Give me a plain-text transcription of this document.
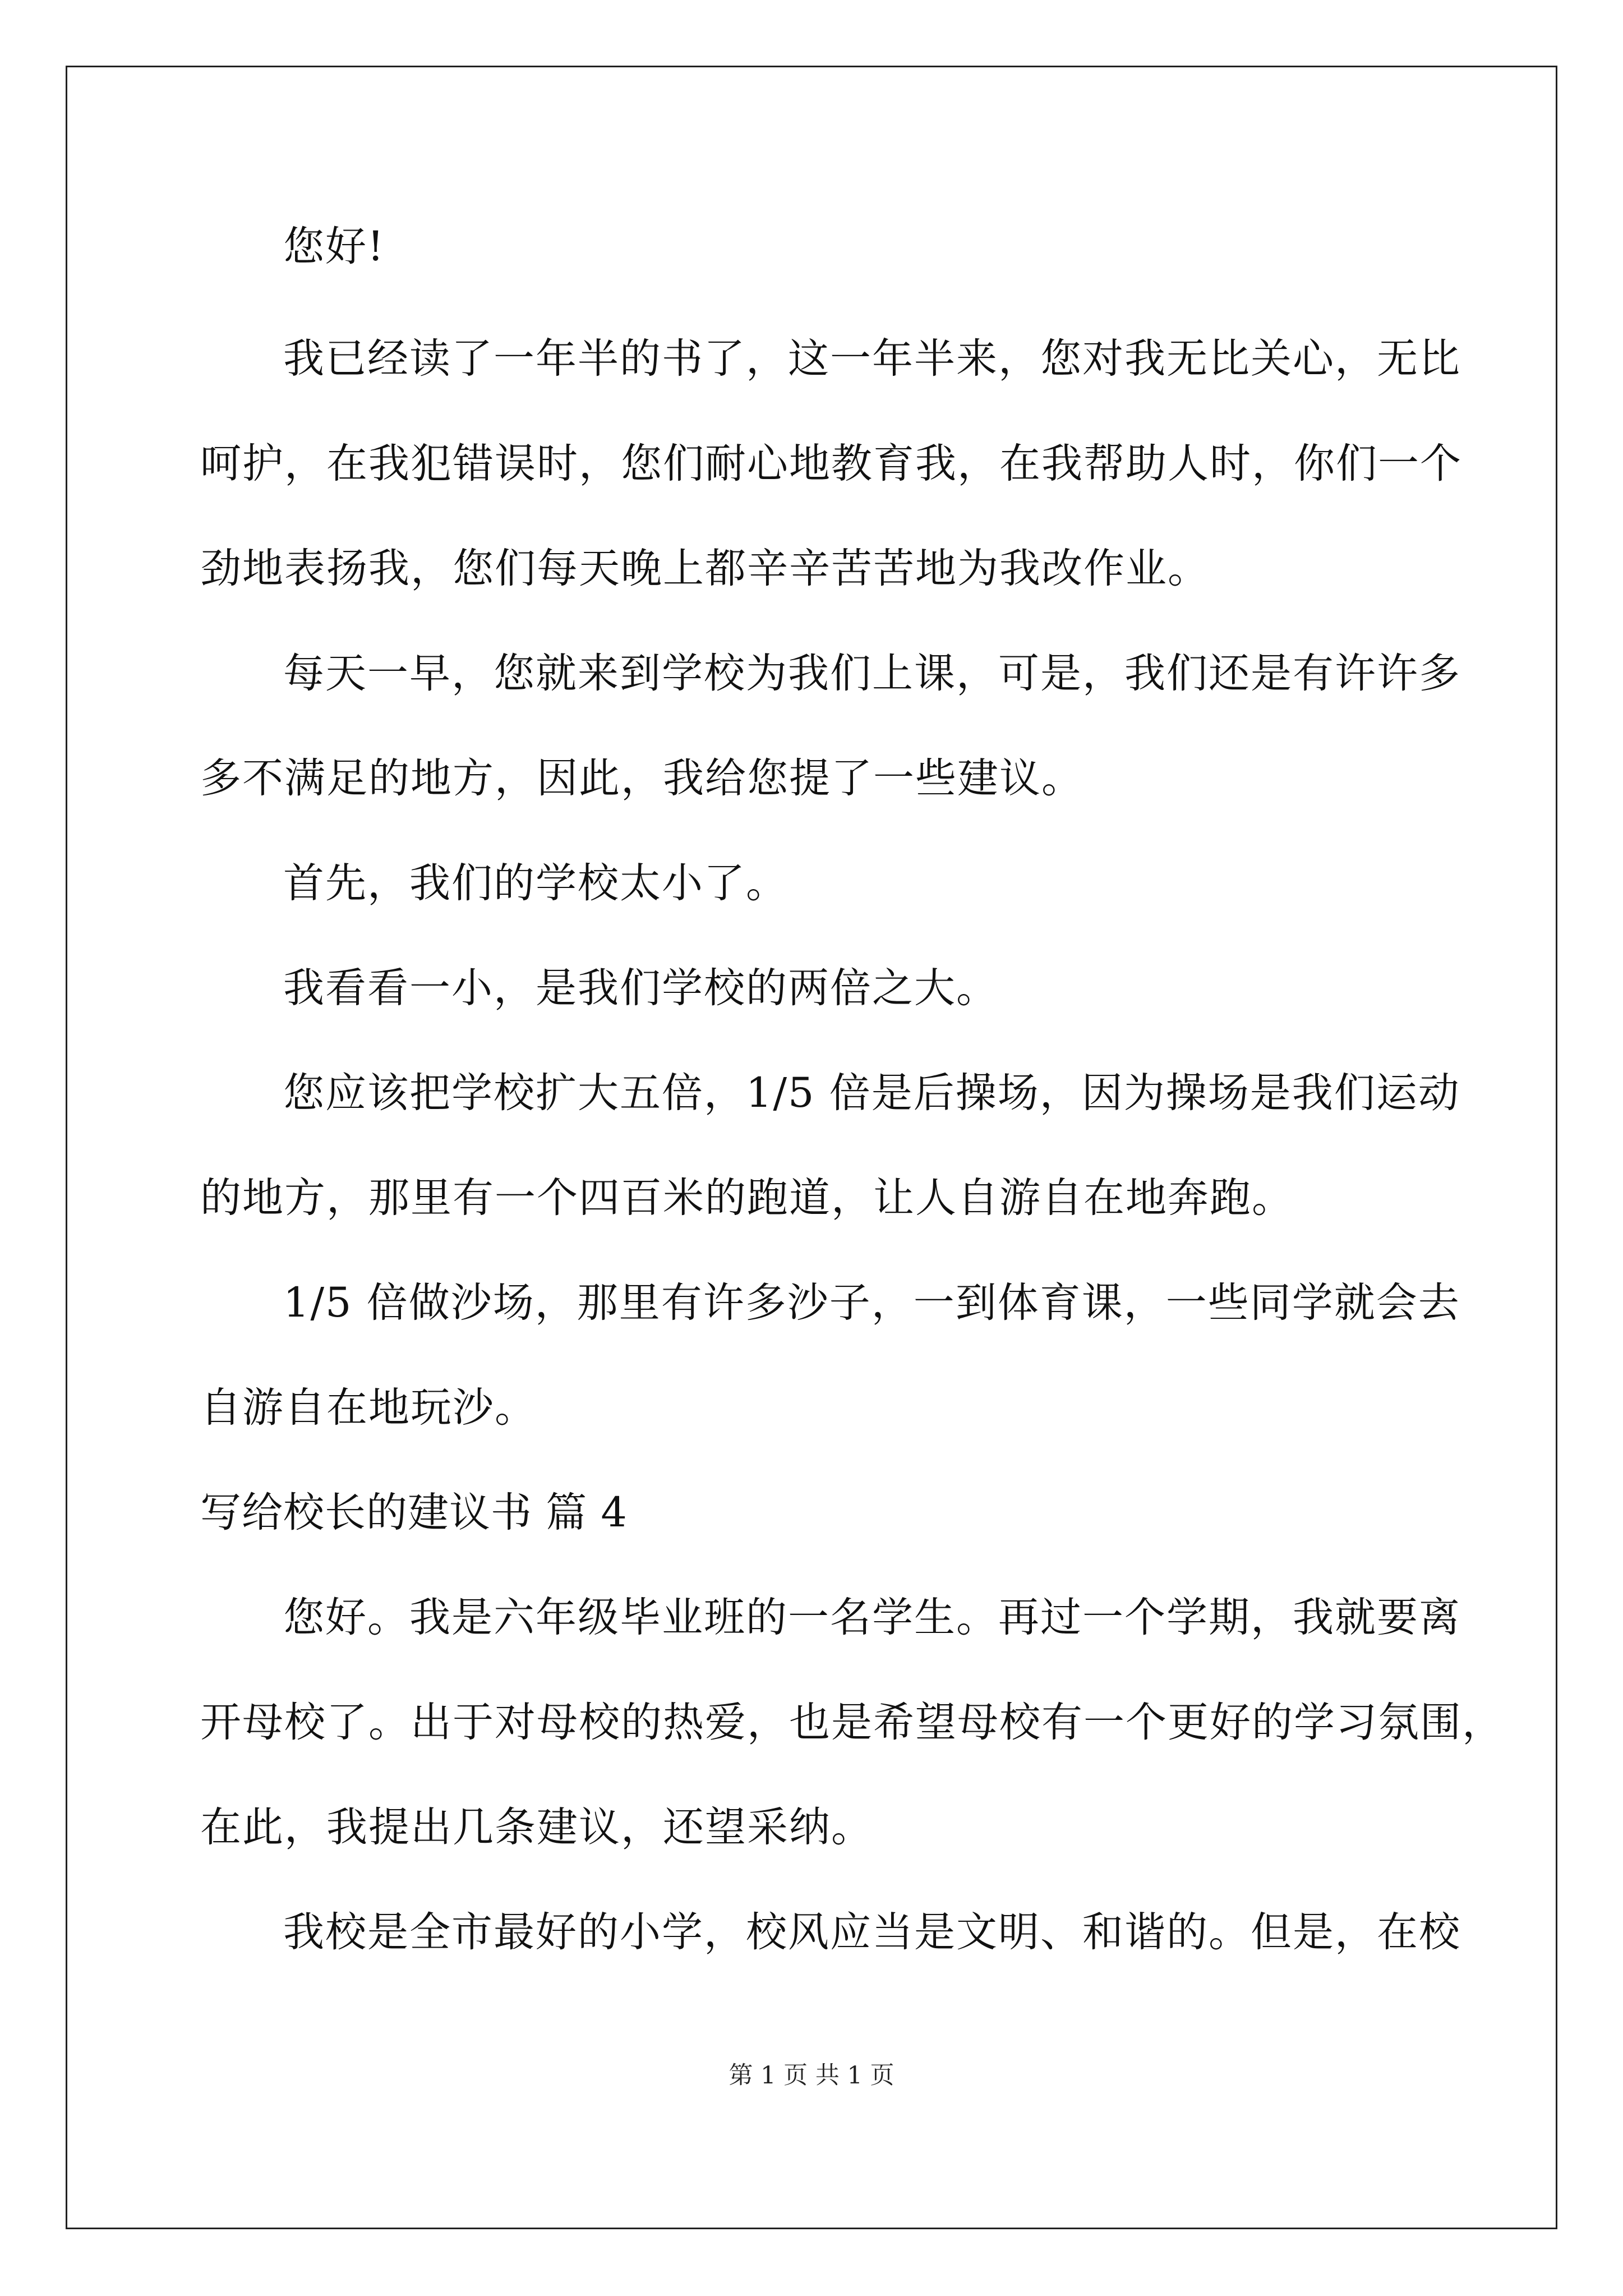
您好!
我已经读了一年半的书了，这一年半来，您对我无比关心，无比
呵护，在我犯错误时，您们耐心地教育我，在我帮助人时，你们一个
劲地表扬我，您们每天晚上都辛辛苦苦地为我改作业。
每天一早，您就来到学校为我们上课，可是，我们还是有许许多
多不满足的地方，因此，我给您提了一些建议。
首先，我们的学校太小了。
我看看一小，是我们学校的两倍之大。
您应该把学校扩大五倍，1/5 倍是后操场，因为操场是我们运动
的地方，那里有一个四百米的跑道，让人自游自在地奔跑。
1/5 倍做沙场，那里有许多沙子，一到体育课，一些同学就会去
自游自在地玩沙。
写给校长的建议书 篇 4
您好。我是六年级毕业班的一名学生。再过一个学期，我就要离
开母校了。出于对母校的热爱，也是希望母校有一个更好的学习氛围，
在此，我提出几条建议，还望采纳。
我校是全市最好的小学，校风应当是文明、和谐的。但是，在校
第 1 页 共 1 页
